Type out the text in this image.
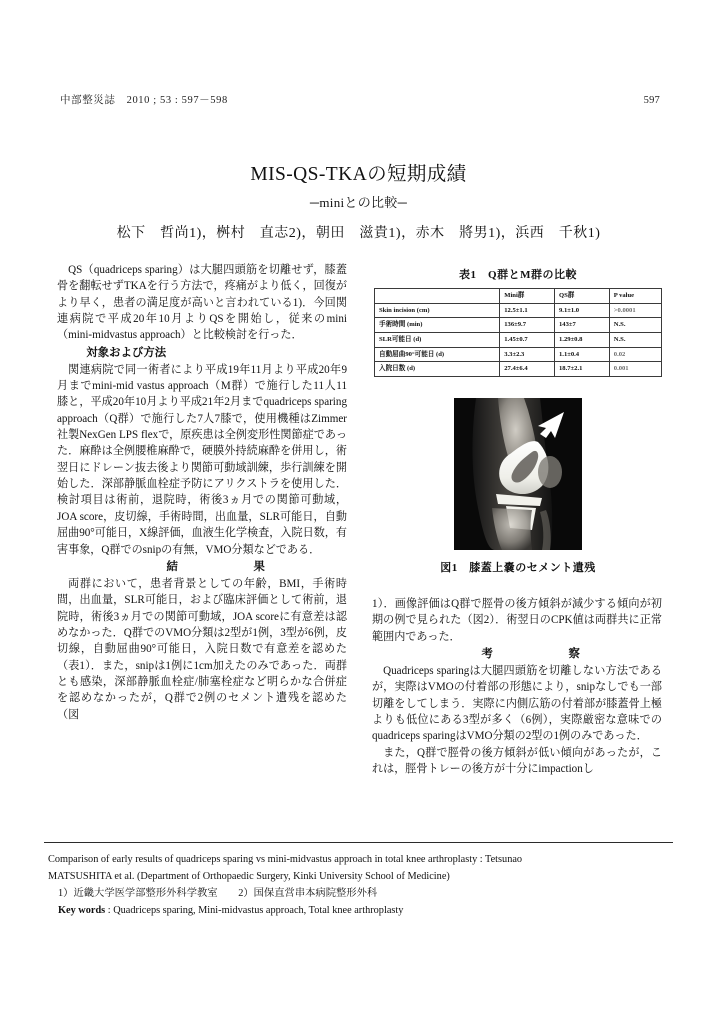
中部整災誌　2010 ; 53 : 597－598	597
MIS-QS-TKAの短期成績
─miniとの比較─
松下　哲尚1)，桝村　直志2)，朝田　滋貴1)，赤木　將男1)，浜西　千秋1)

QS（quadriceps sparing）は大腿四頭筋を切離せず，膝蓋骨を翻転せずTKAを行う方法で，疼痛がより低く，回復がより早く，患者の満足度が高いと言われている1)．今回関連病院で平成20年10月よりQSを開始し，従来のmini（mini-midvastus approach）と比較検討を行った．

対象および方法

関連病院で同一術者により平成19年11月より平成20年9月までmini-mid vastus approach（M群）で施行した11人11膝と，平成20年10月より平成21年2月までquadriceps sparing approach（Q群）で施行した7人7膝で，使用機種はZimmer社製NexGen LPS flexで，原疾患は全例変形性関節症であった．麻酔は全例腰椎麻酔で，硬膜外持続麻酔を併用し，術翌日にドレーン抜去後より関節可動域訓練，歩行訓練を開始した．深部静脈血栓症予防にアリクストラを使用した．検討項目は術前，退院時，術後3ヵ月での関節可動域，JOA score，皮切線，手術時間，出血量，SLR可能日，自動屈曲90°可能日，X線評価，血液生化学検査，入院日数，有害事象，Q群でのsnipの有無，VMO分類などである．

結　　　　果

両群において，患者背景としての年齢，BMI，手術時間，出血量，SLR可能日，および臨床評価として術前，退院時，術後3ヵ月での関節可動域，JOA scoreに有意差は認めなかった．Q群でのVMO分類は2型が1例，3型が6例，皮切線，自動屈曲90°可能日，入院日数で有意差を認めた（表1）．また，snipは1例に1cm加えたのみであった．両群とも感染，深部静脈血栓症/肺塞栓症など明らかな合併症を認めなかったが，Q群で2例のセメント遺残を認めた（図

表1　Q群とM群の比較
	Mini群	QS群	P value
Skin incision (cm)	12.5±1.1	9.1±1.0	>0.0001
手術時間 (min)	136±9.7	143±7	N.S.
SLR可能日 (d)	1.45±0.7	1.29±0.8	N.S.
自動屈曲90°可能日 (d)	3.3±2.3	1.1±0.4	0.02
入院日数 (d)	27.4±6.4	18.7±2.1	0.001
図1　膝蓋上嚢のセメント遺残

1）．画像評価はQ群で脛骨の後方傾斜が減少する傾向が初期の例で見られた（図2）．術翌日のCPK値は両群共に正常範囲内であった．

考　　　　察

Quadriceps sparingは大腿四頭筋を切離しない方法であるが，実際はVMOの付着部の形態により，snipなしでも一部切離をしてしまう．実際に内側広筋の付着部が膝蓋骨上極よりも低位にある3型が多く（6例），実際厳密な意味でのquadriceps sparingはVMO分類の2型の1例のみであった．

また，Q群で脛骨の後方傾斜が低い傾向があったが，これは，脛骨トレーの後方が十分にimpactionし

Comparison of early results of quadriceps sparing vs mini-midvastus approach in total knee arthroplasty : Tetsunao

MATSUSHITA et al. (Department of Orthopaedic Surgery, Kinki University School of Medicine)

1）近畿大学医学部整形外科学教室　　2）国保直営串本病院整形外科

Key words : Quadriceps sparing, Mini-midvastus approach, Total knee arthroplasty
